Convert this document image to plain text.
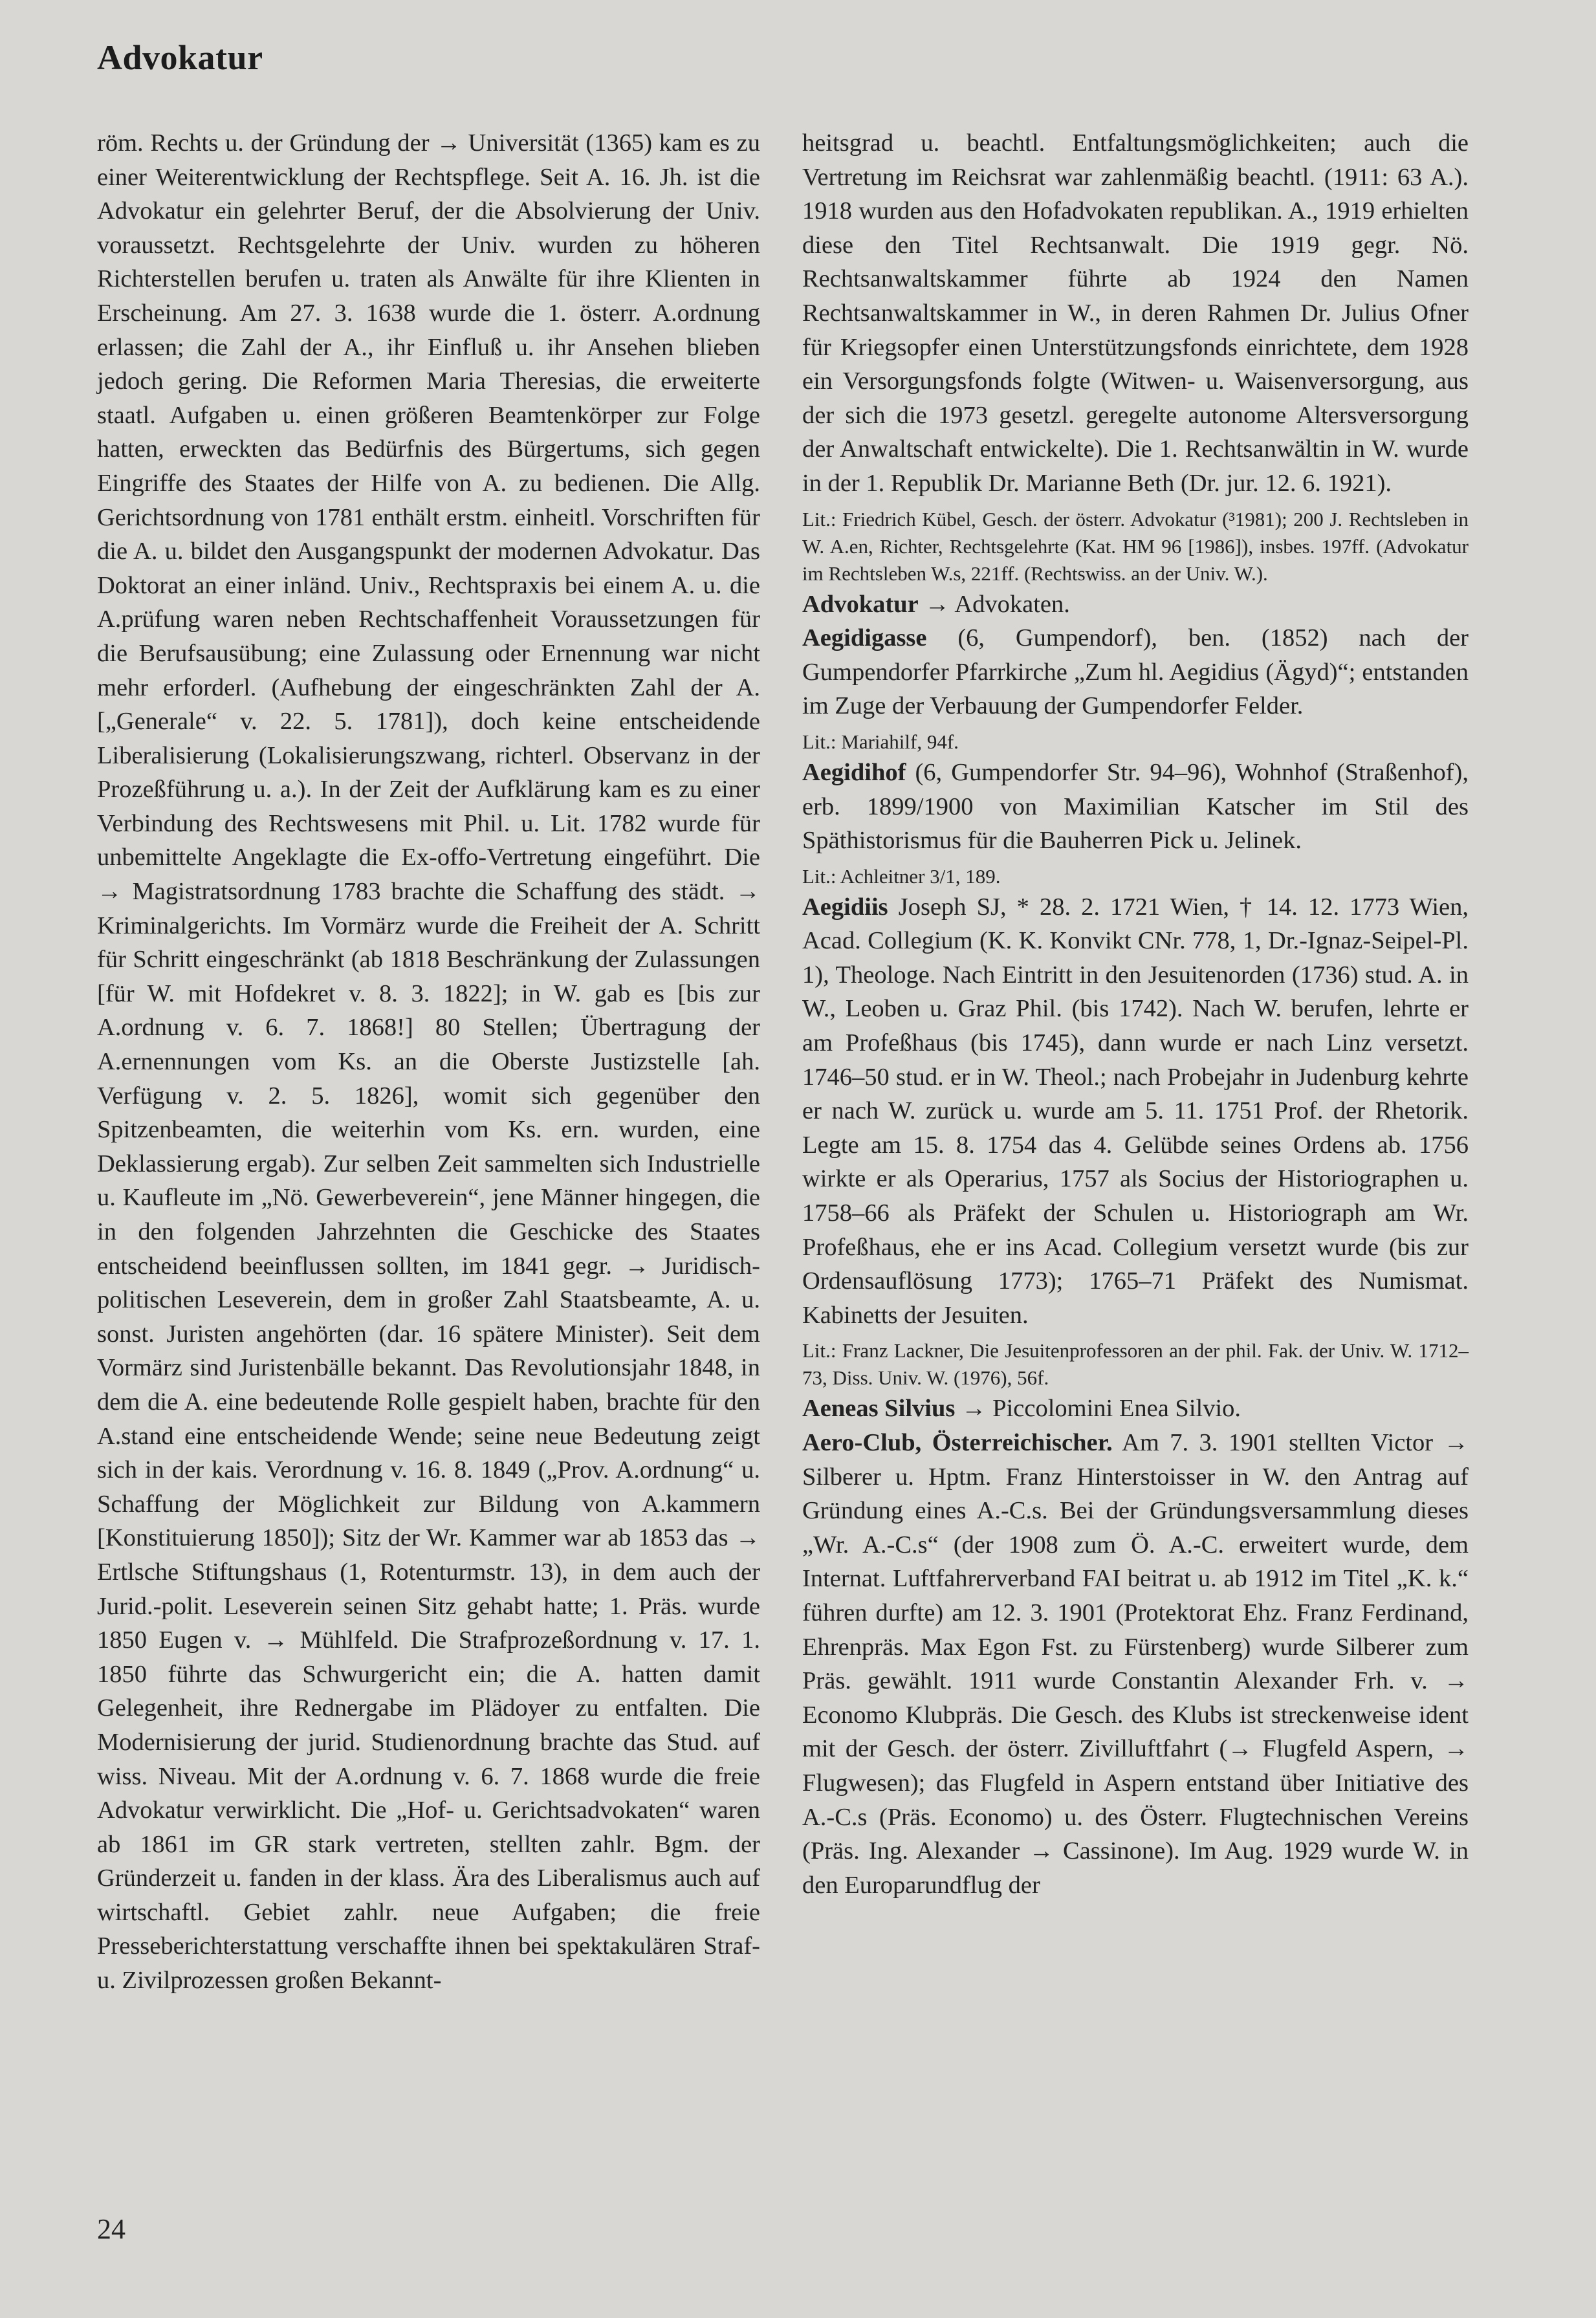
Advokatur

röm. Rechts u. der Gründung der → Universität (1365) kam es zu einer Weiterentwicklung der Rechtspflege. Seit A. 16. Jh. ist die Advokatur ein gelehrter Beruf, der die Absolvierung der Univ. voraussetzt. Rechtsgelehrte der Univ. wurden zu höheren Richterstellen berufen u. traten als Anwälte für ihre Klienten in Erscheinung. Am 27. 3. 1638 wurde die 1. österr. A.ordnung erlassen; die Zahl der A., ihr Einfluß u. ihr Ansehen blieben jedoch gering. Die Reformen Maria Theresias, die erweiterte staatl. Aufgaben u. einen größeren Beamtenkörper zur Folge hatten, erweckten das Bedürfnis des Bürgertums, sich gegen Eingriffe des Staates der Hilfe von A. zu bedienen. Die Allg. Gerichtsordnung von 1781 enthält erstm. einheitl. Vorschriften für die A. u. bildet den Ausgangspunkt der modernen Advokatur. Das Doktorat an einer inländ. Univ., Rechtspraxis bei einem A. u. die A.prüfung waren neben Rechtschaffenheit Voraussetzungen für die Berufsausübung; eine Zulassung oder Ernennung war nicht mehr erforderl. (Aufhebung der eingeschränkten Zahl der A. [„Generale“ v. 22. 5. 1781]), doch keine entscheidende Liberalisierung (Lokalisierungszwang, richterl. Observanz in der Prozeßführung u. a.). In der Zeit der Aufklärung kam es zu einer Verbindung des Rechtswesens mit Phil. u. Lit. 1782 wurde für unbemittelte Angeklagte die Ex-offo-Vertretung eingeführt. Die → Magistratsordnung 1783 brachte die Schaffung des städt. → Kriminalgerichts. Im Vormärz wurde die Freiheit der A. Schritt für Schritt eingeschränkt (ab 1818 Beschränkung der Zulassungen [für W. mit Hofdekret v. 8. 3. 1822]; in W. gab es [bis zur A.ordnung v. 6. 7. 1868!] 80 Stellen; Übertragung der A.ernennungen vom Ks. an die Oberste Justizstelle [ah. Verfügung v. 2. 5. 1826], womit sich gegenüber den Spitzenbeamten, die weiterhin vom Ks. ern. wurden, eine Deklassierung ergab). Zur selben Zeit sammelten sich Industrielle u. Kaufleute im „Nö. Gewerbeverein“, jene Männer hingegen, die in den folgenden Jahrzehnten die Geschicke des Staates entscheidend beeinflussen sollten, im 1841 gegr. → Juridisch-politischen Leseverein, dem in großer Zahl Staatsbeamte, A. u. sonst. Juristen angehörten (dar. 16 spätere Minister). Seit dem Vormärz sind Juristenbälle bekannt. Das Revolutionsjahr 1848, in dem die A. eine bedeutende Rolle gespielt haben, brachte für den A.stand eine entscheidende Wende; seine neue Bedeutung zeigt sich in der kais. Verordnung v. 16. 8. 1849 („Prov. A.ordnung“ u. Schaffung der Möglichkeit zur Bildung von A.kammern [Konstituierung 1850]); Sitz der Wr. Kammer war ab 1853 das → Ertlsche Stiftungshaus (1, Rotenturmstr. 13), in dem auch der Jurid.-polit. Leseverein seinen Sitz gehabt hatte; 1. Präs. wurde 1850 Eugen v. → Mühlfeld. Die Strafprozeßordnung v. 17. 1. 1850 führte das Schwurgericht ein; die A. hatten damit Gelegenheit, ihre Rednergabe im Plädoyer zu entfalten. Die Modernisierung der jurid. Studienordnung brachte das Stud. auf wiss. Niveau. Mit der A.ordnung v. 6. 7. 1868 wurde die freie Advokatur verwirklicht. Die „Hof- u. Gerichtsadvokaten“ waren ab 1861 im GR stark vertreten, stellten zahlr. Bgm. der Gründerzeit u. fanden in der klass. Ära des Liberalismus auch auf wirtschaftl. Gebiet zahlr. neue Aufgaben; die freie Presseberichterstattung verschaffte ihnen bei spektakulären Straf- u. Zivilprozessen großen Bekannt-

heitsgrad u. beachtl. Entfaltungsmöglichkeiten; auch die Vertretung im Reichsrat war zahlenmäßig beachtl. (1911: 63 A.). 1918 wurden aus den Hofadvokaten republikan. A., 1919 erhielten diese den Titel Rechtsanwalt. Die 1919 gegr. Nö. Rechtsanwaltskammer führte ab 1924 den Namen Rechtsanwaltskammer in W., in deren Rahmen Dr. Julius Ofner für Kriegsopfer einen Unterstützungsfonds einrichtete, dem 1928 ein Versorgungsfonds folgte (Witwen- u. Waisenversorgung, aus der sich die 1973 gesetzl. geregelte autonome Altersversorgung der Anwaltschaft entwickelte). Die 1. Rechtsanwältin in W. wurde in der 1. Republik Dr. Marianne Beth (Dr. jur. 12. 6. 1921).

Lit.: Friedrich Kübel, Gesch. der österr. Advokatur (³1981); 200 J. Rechtsleben in W. A.en, Richter, Rechtsgelehrte (Kat. HM 96 [1986]), insbes. 197ff. (Advokatur im Rechtsleben W.s, 221ff. (Rechtswiss. an der Univ. W.).

Advokatur → Advokaten.

Aegidigasse (6, Gumpendorf), ben. (1852) nach der Gumpendorfer Pfarrkirche „Zum hl. Aegidius (Ägyd)“; entstanden im Zuge der Verbauung der Gumpendorfer Felder.

Lit.: Mariahilf, 94f.

Aegidihof (6, Gumpendorfer Str. 94–96), Wohnhof (Straßenhof), erb. 1899/1900 von Maximilian Katscher im Stil des Späthistorismus für die Bauherren Pick u. Jelinek.

Lit.: Achleitner 3/1, 189.

Aegidiis Joseph SJ, * 28. 2. 1721 Wien, † 14. 12. 1773 Wien, Acad. Collegium (K. K. Konvikt CNr. 778, 1, Dr.-Ignaz-Seipel-Pl. 1), Theologe. Nach Eintritt in den Jesuitenorden (1736) stud. A. in W., Leoben u. Graz Phil. (bis 1742). Nach W. berufen, lehrte er am Profeßhaus (bis 1745), dann wurde er nach Linz versetzt. 1746–50 stud. er in W. Theol.; nach Probejahr in Judenburg kehrte er nach W. zurück u. wurde am 5. 11. 1751 Prof. der Rhetorik. Legte am 15. 8. 1754 das 4. Gelübde seines Ordens ab. 1756 wirkte er als Operarius, 1757 als Socius der Historiographen u. 1758–66 als Präfekt der Schulen u. Historiograph am Wr. Profeßhaus, ehe er ins Acad. Collegium versetzt wurde (bis zur Ordensauflösung 1773); 1765–71 Präfekt des Numismat. Kabinetts der Jesuiten.

Lit.: Franz Lackner, Die Jesuitenprofessoren an der phil. Fak. der Univ. W. 1712–73, Diss. Univ. W. (1976), 56f.

Aeneas Silvius → Piccolomini Enea Silvio.

Aero-Club, Österreichischer. Am 7. 3. 1901 stellten Victor → Silberer u. Hptm. Franz Hinterstoisser in W. den Antrag auf Gründung eines A.-C.s. Bei der Gründungsversammlung dieses „Wr. A.-C.s“ (der 1908 zum Ö. A.-C. erweitert wurde, dem Internat. Luftfahrerverband FAI beitrat u. ab 1912 im Titel „K. k.“ führen durfte) am 12. 3. 1901 (Protektorat Ehz. Franz Ferdinand, Ehrenpräs. Max Egon Fst. zu Fürstenberg) wurde Silberer zum Präs. gewählt. 1911 wurde Constantin Alexander Frh. v. → Economo Klubpräs. Die Gesch. des Klubs ist streckenweise ident mit der Gesch. der österr. Zivilluftfahrt (→ Flugfeld Aspern, → Flugwesen); das Flugfeld in Aspern entstand über Initiative des A.-C.s (Präs. Economo) u. des Österr. Flugtechnischen Vereins (Präs. Ing. Alexander → Cassinone). Im Aug. 1929 wurde W. in den Europarundflug der

24
